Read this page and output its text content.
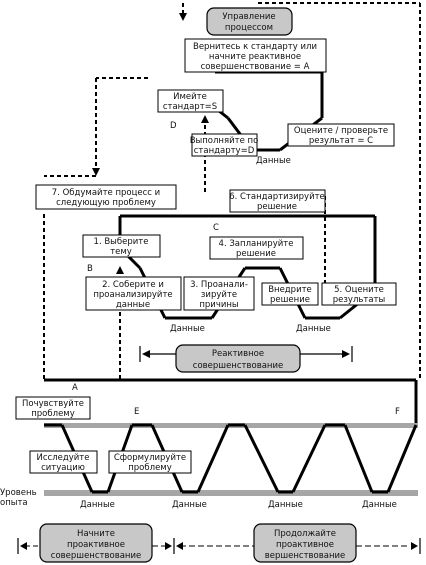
Управление
процессом
Реактивное
совершенствование
Начните
проактивное
совершенствование
Продолжайте
проактивное
вершенствование
Вернитесь к стандарту или
начните реактивное
совершенствование = A
Имейте
стандарт=S
D
Выполняйте по
стандарту=D
Оцените / проверьте
результат = C
Данные
7. Обдумайте процесс и
следующую проблему
6. Стандартизируйте
решение
C
1. Выберите
тему
B
2. Соберите и
проанализируйте
данные
3. Проанали-
зируйте
причины
4. Запланируйте
решение
Внедрите
решение
5. Оцените
результаты
Данные	Данные
A
E	F
Почувствуйте
проблему
Исследуйте
ситуацию
Сформулируйте
проблему
Данные	Данные	Данные	Данные
Уровень
опыта
